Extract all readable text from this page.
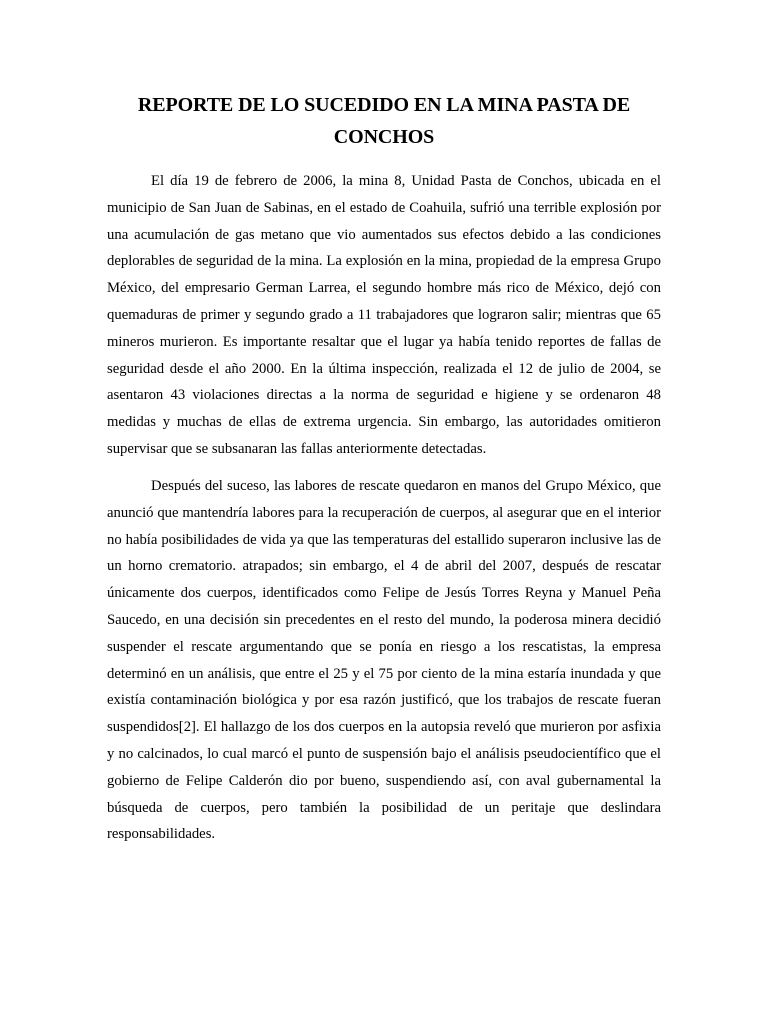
REPORTE DE LO SUCEDIDO EN LA MINA PASTA DE CONCHOS

El día 19 de febrero de 2006, la mina 8, Unidad Pasta de Conchos, ubicada en el municipio de San Juan de Sabinas, en el estado de Coahuila, sufrió una terrible explosión por una acumulación de gas metano que vio aumentados sus efectos debido a las condiciones deplorables de seguridad de la mina. La explosión en la mina, propiedad de la empresa Grupo México, del empresario German Larrea, el segundo hombre más rico de México, dejó con quemaduras de primer y segundo grado a 11 trabajadores que lograron salir; mientras que 65 mineros murieron. Es importante resaltar que el lugar ya había tenido reportes de fallas de seguridad desde el año 2000. En la última inspección, realizada el 12 de julio de 2004, se asentaron 43 violaciones directas a la norma de seguridad e higiene y se ordenaron 48 medidas y muchas de ellas de extrema urgencia. Sin embargo, las autoridades omitieron supervisar que se subsanaran las fallas anteriormente detectadas.

Después del suceso, las labores de rescate quedaron en manos del Grupo México, que anunció que mantendría labores para la recuperación de cuerpos, al asegurar que en el interior no había posibilidades de vida ya que las temperaturas del estallido superaron inclusive las de un horno crematorio. atrapados; sin embargo, el 4 de abril del 2007, después de rescatar únicamente dos cuerpos, identificados como Felipe de Jesús Torres Reyna y Manuel Peña Saucedo, en una decisión sin precedentes en el resto del mundo, la poderosa minera decidió suspender el rescate argumentando que se ponía en riesgo a los rescatistas, la empresa determinó en un análisis, que entre el 25 y el 75 por ciento de la mina estaría inundada y que existía contaminación biológica y por esa razón justificó, que los trabajos de rescate fueran suspendidos[2]. El hallazgo de los dos cuerpos en la autopsia reveló que murieron por asfixia y no calcinados, lo cual marcó el punto de suspensión bajo el análisis pseudocientífico que el gobierno de Felipe Calderón dio por bueno, suspendiendo así, con aval gubernamental la búsqueda de cuerpos, pero también la posibilidad de un peritaje que deslindara responsabilidades.
